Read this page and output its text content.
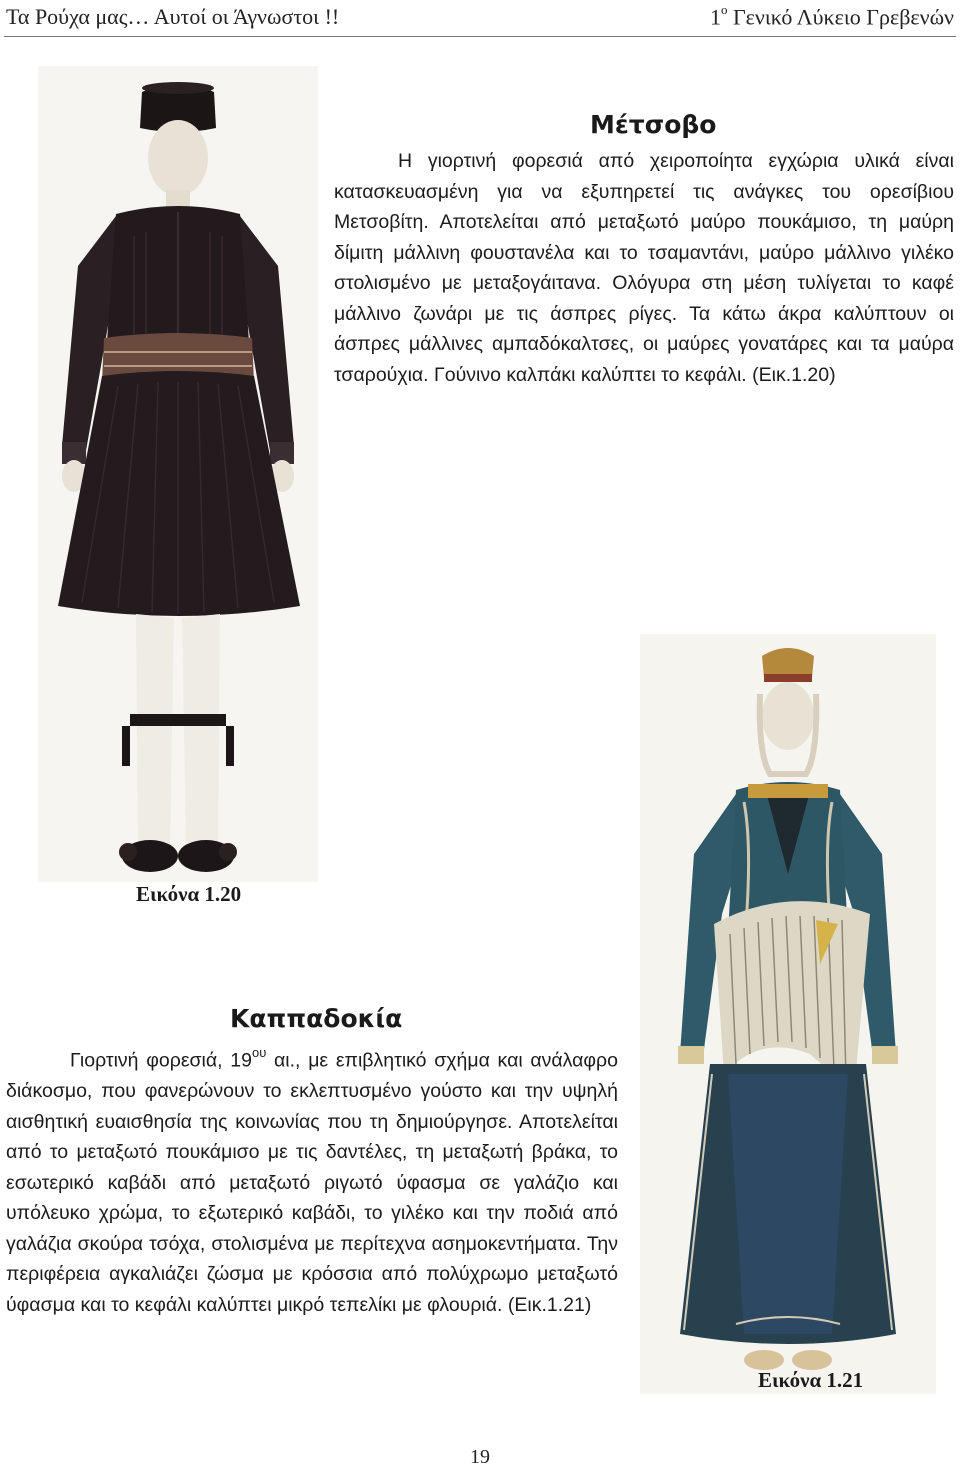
Τα Ρούχα μας… Αυτοί οι Άγνωστοι !!	$1^o$ Γενικό Λύκειο Γρεβενών
Μέτσοβο

Η γιορτινή φορεσιά από χειροποίητα εγχώρια υλικά είναι κατασκευασμένη για να εξυπηρετεί τις ανάγκες του ορεσίβιου Μετσοβίτη. Αποτελείται από μεταξωτό μαύρο πουκάμισο, τη μαύρη δίμιτη μάλλινη φουστανέλα και το τσαμαντάνι, μαύρο μάλλινο γιλέκο στολισμένο με μεταξογάιτανα. Ολόγυρα στη μέση τυλίγεται το καφέ μάλλινο ζωνάρι με τις άσπρες ρίγες. Τα κάτω άκρα καλύπτουν οι άσπρες μάλλινες αμπαδόκαλτσες, οι μαύρες γονατάρες και τα μαύρα τσαρούχια. Γούνινο καλπάκι καλύπτει το κεφάλι. (Εικ.1.20)

Εικόνα 1.20
Καππαδοκία

Γιορτινή φορεσιά, $19^{o\upsilon}$ αι., με επιβλητικό σχήμα και ανάλαφρο διάκοσμο, που φανερώνουν το εκλεπτυσμένο γούστο και την υψηλή αισθητική ευαισθησία της κοινωνίας που τη δημιούργησε. Αποτελείται από το μεταξωτό πουκάμισο με τις δαντέλες, τη μεταξωτή βράκα, το εσωτερικό καβάδι από μεταξωτό ριγωτό ύφασμα σε γαλάζιο και υπόλευκο χρώμα, το εξωτερικό καβάδι, το γιλέκο και την ποδιά από γαλάζια σκούρα τσόχα, στολισμένα με περίτεχνα ασημοκεντήματα. Την περιφέρεια αγκαλιάζει ζώσμα με κρόσσια από πολύχρωμο μεταξωτό ύφασμα και το κεφάλι καλύπτει μικρό τεπελίκι με φλουριά. (Εικ.1.21)

Εικόνα 1.21
19
